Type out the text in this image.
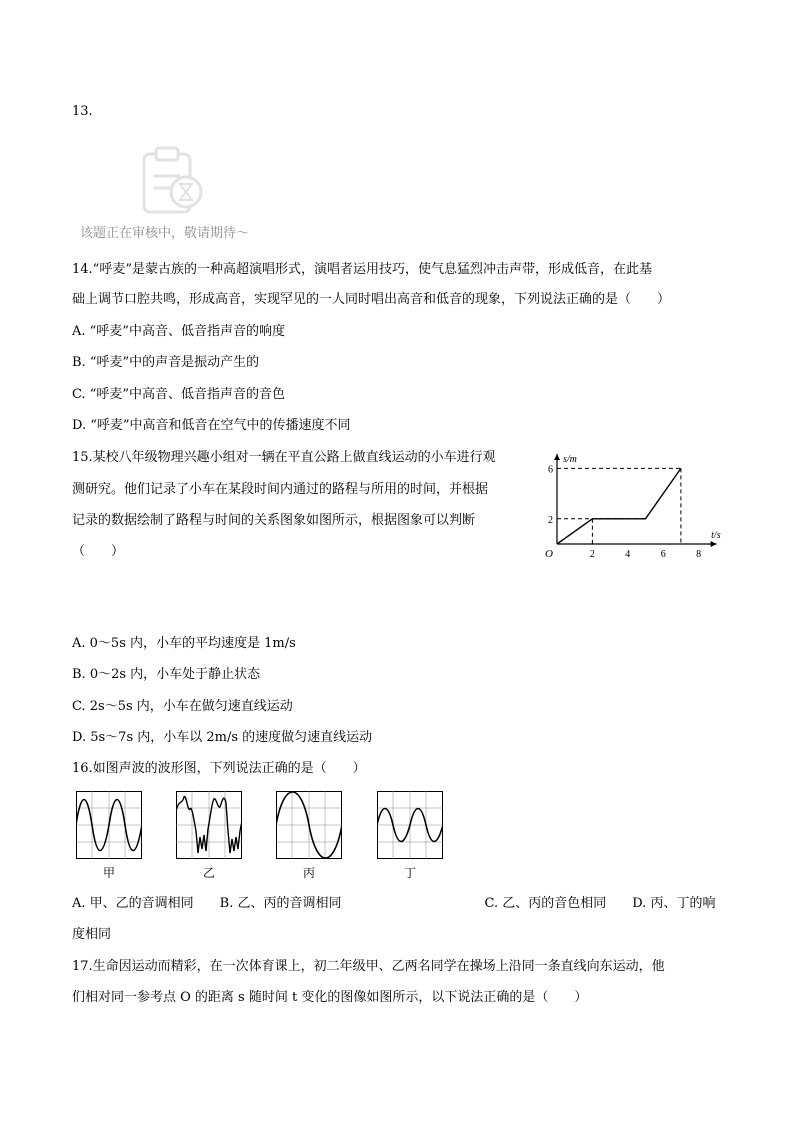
13.
该题正在审核中，敬请期待～
14.“呼麦”是蒙古族的一种高超演唱形式，演唱者运用技巧，使气息猛烈冲击声带，形成低音，在此基
础上调节口腔共鸣，形成高音，实现罕见的一人同时唱出高音和低音的现象，下列说法正确的是（　　）
A. “呼麦”中高音、低音指声音的响度
B. “呼麦”中的声音是振动产生的
C. “呼麦”中高音、低音指声音的音色
D. “呼麦”中高音和低音在空气中的传播速度不同
15.某校八年级物理兴趣小组对一辆在平直公路上做直线运动的小车进行观
测研究。他们记录了小车在某段时间内通过的路程与所用的时间，并根据
记录的数据绘制了路程与时间的关系图象如图所示，根据图象可以判断
（　　）	2	4	6	8
2
6
O
s/m
t/s
A. 0～5s 内，小车的平均速度是 1m/s
B. 0～2s 内，小车处于静止状态
C. 2s～5s 内，小车在做匀速直线运动
D. 5s～7s 内，小车以 2m/s 的速度做匀速直线运动
16.如图声波的波形图，下列说法正确的是（　　）
甲	乙	丙	丁
A. 甲、乙的音调相同　　B. 乙、丙的音调相同　　　　　　　　　　　C. 乙、丙的音色相同　　D. 丙、丁的响
度相同
17.生命因运动而精彩，在一次体育课上，初二年级甲、乙两名同学在操场上沿同一条直线向东运动，他
们相对同一参考点 O 的距离 s 随时间 t 变化的图像如图所示，以下说法正确的是（　　）
